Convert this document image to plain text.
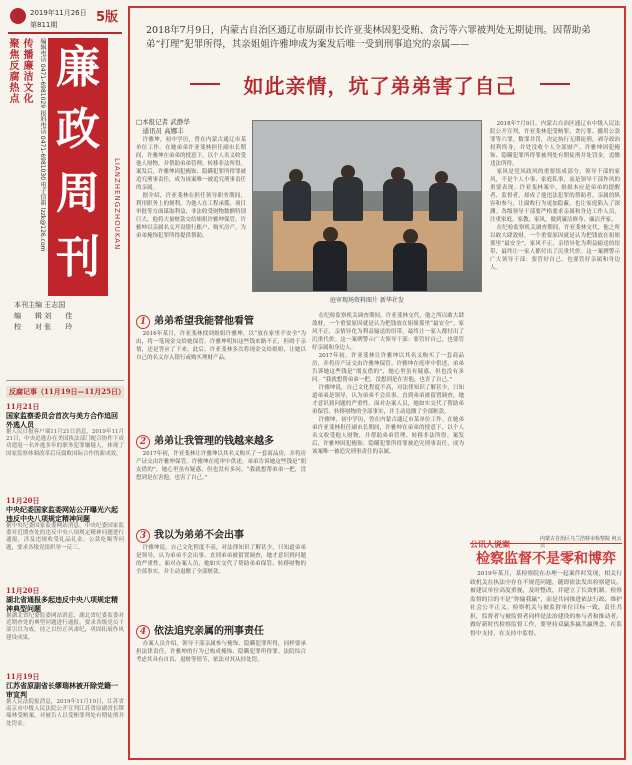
2019年11月26日
第811期	5版
聚焦反腐热点 传播廉洁文化	编辑电话 0471-6981029 报料电话 0471-6981030 电子信箱 lzzk@126.com 廉
政
周
刊
LIANZHENGZHOUKAN
本刊主编 王志国
编　　辑 刘　　佳
校　　对 张　　玲
反腐记事（11月19日—11月25日）
11月21日
国家监察委员会首次与美方合作追回外逃人员
据人民日报客户端11月21日消息，2019年11月21日，中央追逃办在美国执法部门配合协作下成功遣返一名外逃多年的职务犯罪嫌疑人，体现了国家监察体制改革后反腐败国际合作的新成效。
11月20日
中央纪委国家监委网站公开曝光六起违反中央八项规定精神问题
据中央纪委国家监委网站消息，中央纪委国家监委对近期查处的违反中央八项规定精神问题进行通报，涉及违规收受礼品礼金、公款吃喝等问题，要求各级党组织举一反三。
11月20日
湖北省通报多起违反中央八项规定精神典型问题
据湖北省纪委监委网站消息，湖北省纪委监委对近期查处的典型问题进行通报，要求各级党员干部引以为戒，持之以恒正风肃纪，巩固拓展作风建设成果。
11月19日
江苏省原副省长缪瑞林被开除党籍一审宣判
据人民法院报消息，2019年11月19日，江苏省南京市中级人民法院公开宣判江苏省原副省长缪瑞林受贿案，对被告人以受贿罪判处有期徒刑并处罚金。
2018年7月9日，内蒙古自治区通辽市原副市长许亚斐林因犯受贿、贪污等六罪被判处无期徒刑。因帮助弟弟“打理”犯罪所得，其亲姐姐许雅坤成为案发后唯一受到刑事追究的亲属——
如此亲情，坑了弟弟害了自己
□本报记者 武静华
　通讯员 高娜丰

许雅坤，初中学历，曾在内蒙古通辽市某单位工作。在她弟弟许亚斐林担任副市长期间，许雅坤在弟弟的授意下，以个人名义收受他人财物，并帮助弟弟管理、转移非法所得。案发后，许雅坤因犯掩饰、隐瞒犯罪所得罪被追究刑事责任，成为该案唯一被追究刑事责任的亲属。

据介绍，许亚斐林在担任领导职务期间，利用职务上的便利，为他人在工程承揽、项目审批等方面谋取利益，非法收受财物数额特别巨大。他将大量赃款交给姐姐许雅坤保管，许雅坤以亲属名义开设银行账户、购买房产，为弟弟掩饰犯罪所得提供帮助。

庭审现场资料图片 新华社发

2018年7月9日，内蒙古自治区通辽市中级人民法院公开宣判，许亚斐林犯受贿罪、贪污罪、挪用公款罪等六罪，数罪并罚，决定执行无期徒刑，剥夺政治权利终身，并处没收个人全部财产。许雅坤因犯掩饰、隐瞒犯罪所得罪被判处有期徒刑并处罚金，追缴违法所得。

家风是党风政风的重要组成部分。领导干部的家风，不是个人小事、家庭私事，而是领导干部作风的重要表现。许亚斐林案中，姐姐本应是弟弟的提醒者、监督者，却成了他违法犯罪的帮助者。亲属的纵容和参与，让腐败行为更加隐蔽，也让家庭陷入了深渊。各级领导干部要严格要求亲属和身边工作人员，注重家庭、家教、家风，做到廉洁修身、廉洁齐家。

在纪检监察机关调查期间，许亚斐林交代，他之所以敢大肆敛财，一个重要原因就是认为把钱放在姐姐那里“最安全”。家风不正，亲情异化为利益输送的纽带，最终让一家人都付出了沉重代价。这一案例警示广大领导干部：要管好自己，也要管好亲属和身边人。

1 弟弟希望我能替他看管

2016年某月，许亚斐林找到姐姐许雅坤，以“放在家里不安全”为由，将一笔现金交给她保管。许雅坤明知这些钱来路不正，但碍于亲情，还是答应了下来。此后，许亚斐林多次将现金交给姐姐，让她以自己的名义存入银行或购买理财产品。

2 弟弟让我管理的钱越来越多

2017年初，许亚斐林让许雅坤以其名义购买了一套商品房，并将房产证交由许雅坤保管。许雅坤在庭审中供述，弟弟告诉她这些钱是“朋友借的”，她心里虽有疑惑，但也没有多问。“我就想帮弟弟一把，没想到是在害他，也害了自己。”

3 我以为弟弟不会出事

许雅坤说，自己文化程度不高，对法律知识了解甚少，只知道弟弟是领导，认为弟弟不会出事。直到弟弟被留置调查，她才意识到问题的严重性。面对办案人员，她如实交代了帮助弟弟保管、转移财物的全部事实，并主动退缴了全部赃款。

4 依法追究亲属的刑事责任

办案人员介绍，领导干部亲属参与掩饰、隐瞒犯罪所得，同样要承担法律责任。许雅坤的行为已构成掩饰、隐瞒犯罪所得罪。法院综合考虑其具有自首、退赃等情节，依法对其从轻处罚。

在纪检监察机关调查期间，许亚斐林交代，他之所以敢大肆敛财，一个重要原因就是认为把钱放在姐姐那里“最安全”。家风不正，亲情异化为利益输送的纽带，最终让一家人都付出了沉重代价。这一案例警示广大领导干部：要管好自己，也要管好亲属和身边人。

2017年初，许亚斐林让许雅坤以其名义购买了一套商品房，并将房产证交由许雅坤保管。许雅坤在庭审中供述，弟弟告诉她这些钱是“朋友借的”，她心里虽有疑惑，但也没有多问。“我就想帮弟弟一把，没想到是在害他，也害了自己。”

许雅坤说，自己文化程度不高，对法律知识了解甚少，只知道弟弟是领导，认为弟弟不会出事。直到弟弟被留置调查，她才意识到问题的严重性。面对办案人员，她如实交代了帮助弟弟保管、转移财物的全部事实，并主动退缴了全部赃款。

许雅坤，初中学历，曾在内蒙古通辽市某单位工作。在她弟弟许亚斐林担任副市长期间，许雅坤在弟弟的授意下，以个人名义收受他人财物，并帮助弟弟管理、转移非法所得。案发后，许雅坤因犯掩饰、隐瞒犯罪所得罪被追究刑事责任，成为该案唯一被追究刑事责任的亲属。

公讯人说案
内蒙古自治区乌兰浩特市检察院 何云云
检察监督不是零和博弈

2019年某月，某检察院在办理一起案件时发现，相关行政机关在执法中存在不规范问题，随即依法发出检察建议。被建议单位高度重视，及时整改，并建立了长效机制。检察监督的目的不是“你输我赢”，而是共同推进依法行政、维护社会公平正义。检察机关与被监督单位目标一致、责任共担，监督者与被监督者同样是法治建设的参与者和推动者。做好新时代检察监督工作，要坚持双赢多赢共赢理念，在监督中支持，在支持中监督。
